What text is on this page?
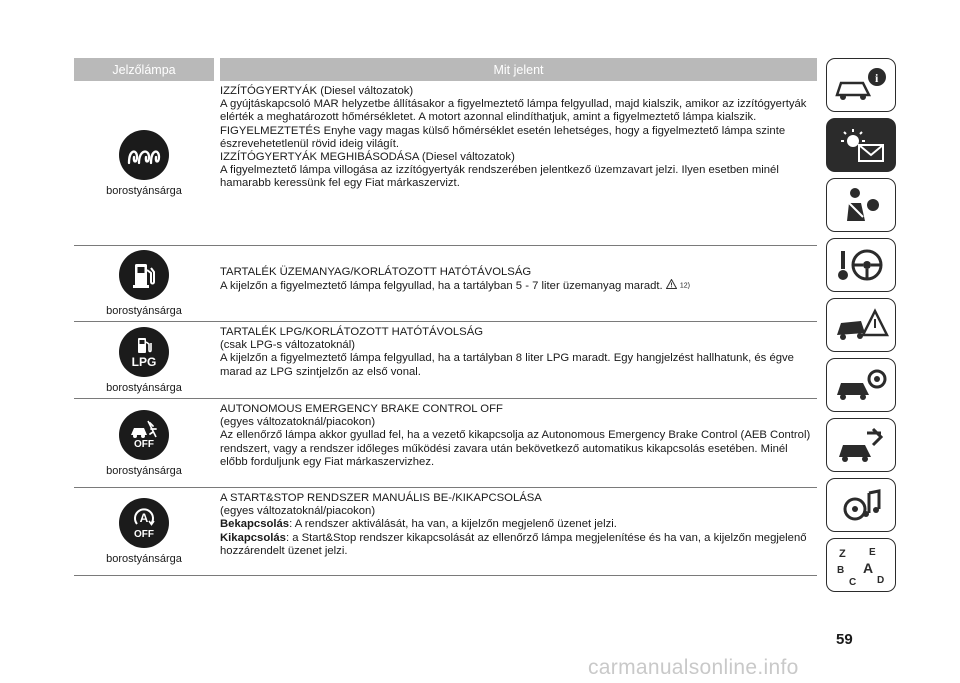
Jelzőlámpa	Mit jelent
borostyánsárga

IZZÍTÓGYERTYÁK (Diesel változatok)

A gyújtáskapcsoló MAR helyzetbe állításakor a figyelmeztető lámpa felgyullad, majd kialszik, amikor az izzítógyertyák elérték a meghatározott hőmérsékletet. A motort azonnal elindíthatjuk, amint a figyelmeztető lámpa kialszik.

FIGYELMEZTETÉS Enyhe vagy magas külső hőmérséklet esetén lehetséges, hogy a figyelmeztető lámpa szinte észrevehetetlenül rövid ideig világít.

IZZÍTÓGYERTYÁK MEGHIBÁSODÁSA (Diesel változatok)

A figyelmeztető lámpa villogása az izzítógyertyák rendszerében jelentkező üzemzavart jelzi. Ilyen esetben minél hamarabb keressünk fel egy Fiat márkaszervizt.

borostyánsárga

TARTALÉK ÜZEMANYAG/KORLÁTOZOTT HATÓTÁVOLSÁG

A kijelzőn a figyelmeztető lámpa felgyullad, ha a tartályban 5 - 7 liter üzemanyag maradt. 12)

LPG
borostyánsárga

TARTALÉK LPG/KORLÁTOZOTT HATÓTÁVOLSÁG

(csak LPG-s változatoknál)

A kijelzőn a figyelmeztető lámpa felgyullad, ha a tartályban 8 liter LPG maradt. Egy hangjelzést hallhatunk, és égve marad az LPG szintjelzőn az első vonal.

OFF
borostyánsárga

AUTONOMOUS EMERGENCY BRAKE CONTROL OFF

(egyes változatoknál/piacokon)

Az ellenőrző lámpa akkor gyullad fel, ha a vezető kikapcsolja az Autonomous Emergency Brake Control (AEB Control) rendszert, vagy a rendszer időleges működési zavara után bekövetkező automatikus kikapcsolás esetében. Minél előbb forduljunk egy Fiat márkaszervizhez.

A
OFF
borostyánsárga

A START&STOP RENDSZER MANUÁLIS BE-/KIKAPCSOLÁSA

(egyes változatoknál/piacokon)

Bekapcsolás: A rendszer aktiválását, ha van, a kijelzőn megjelenő üzenet jelzi.

Kikapcsolás: a Start&Stop rendszer kikapcsolását az ellenőrző lámpa megjelenítése és ha van, a kijelzőn megjelenő hozzárendelt üzenet jelzi.

i
Z E
B A
C D
59
carmanualsonline.info
